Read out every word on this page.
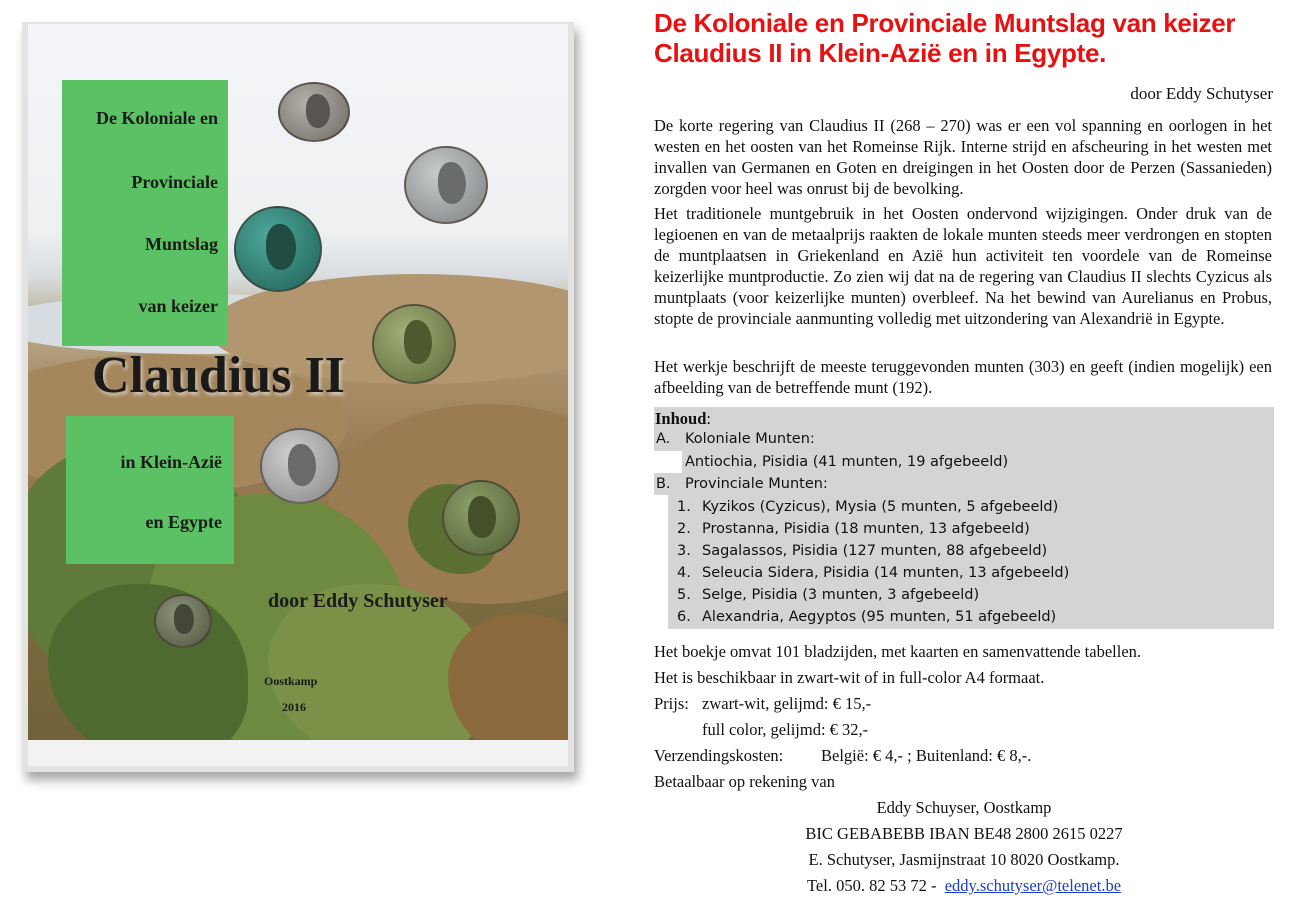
De Koloniale en
Provinciale
Muntslag
van keizer
Claudius II
in Klein-Azië
en Egypte
door Eddy Schutyser
Oostkamp
2016
De Koloniale en Provinciale Muntslag van keizer
Claudius II in Klein-Azië en in Egypte.
door Eddy Schutyser
De korte regering van Claudius II (268 – 270) was er een vol spanning en oorlogen in het westen en het oosten van het Romeinse Rijk. Interne strijd en afscheuring in het westen met invallen van Germanen en Goten en dreigingen in het Oosten door de Perzen (Sassanieden) zorgden voor heel was onrust bij de bevolking.
Het traditionele muntgebruik in het Oosten ondervond wijzigingen. Onder druk van de legioenen en van de metaalprijs raakten de lokale munten steeds meer verdrongen en stopten de muntplaatsen in Griekenland en Azië hun activiteit ten voordele van de Romeinse keizerlijke muntproductie. Zo zien wij dat na de regering van Claudius II slechts Cyzicus als muntplaats (voor keizerlijke munten) overbleef. Na het bewind van Aurelianus en Probus, stopte de provinciale aanmunting volledig met uitzondering van Alexandrië in Egypte.
Het werkje beschrijft de meeste teruggevonden munten (303) en geeft (indien mogelijk) een afbeelding van de betreffende munt (192).
Inhoud:
A. Koloniale Munten:
Antiochia, Pisidia (41 munten, 19 afgebeeld)
B. Provinciale Munten:
1. Kyzikos (Cyzicus), Mysia (5 munten, 5 afgebeeld)
2. Prostanna, Pisidia (18 munten, 13 afgebeeld)
3. Sagalassos, Pisidia (127 munten, 88 afgebeeld)
4. Seleucia Sidera, Pisidia (14 munten, 13 afgebeeld)
5. Selge, Pisidia (3 munten, 3 afgebeeld)
6. Alexandria, Aegyptos (95 munten, 51 afgebeeld)
Het boekje omvat 101 bladzijden, met kaarten en samenvattende tabellen.
Het is beschikbaar in zwart-wit of in full-color A4 formaat.
Prijs: zwart-wit, gelijmd: € 15,-
full color, gelijmd: € 32,-
Verzendingskosten: België: € 4,- ; Buitenland: € 8,-.
Betaalbaar op rekening van
Eddy Schuyser, Oostkamp
BIC GEBABEBB IBAN BE48 2800 2615 0227
E. Schutyser, Jasmijnstraat 10 8020 Oostkamp.
Tel. 050. 82 53 72 - eddy.schutyser@telenet.be
